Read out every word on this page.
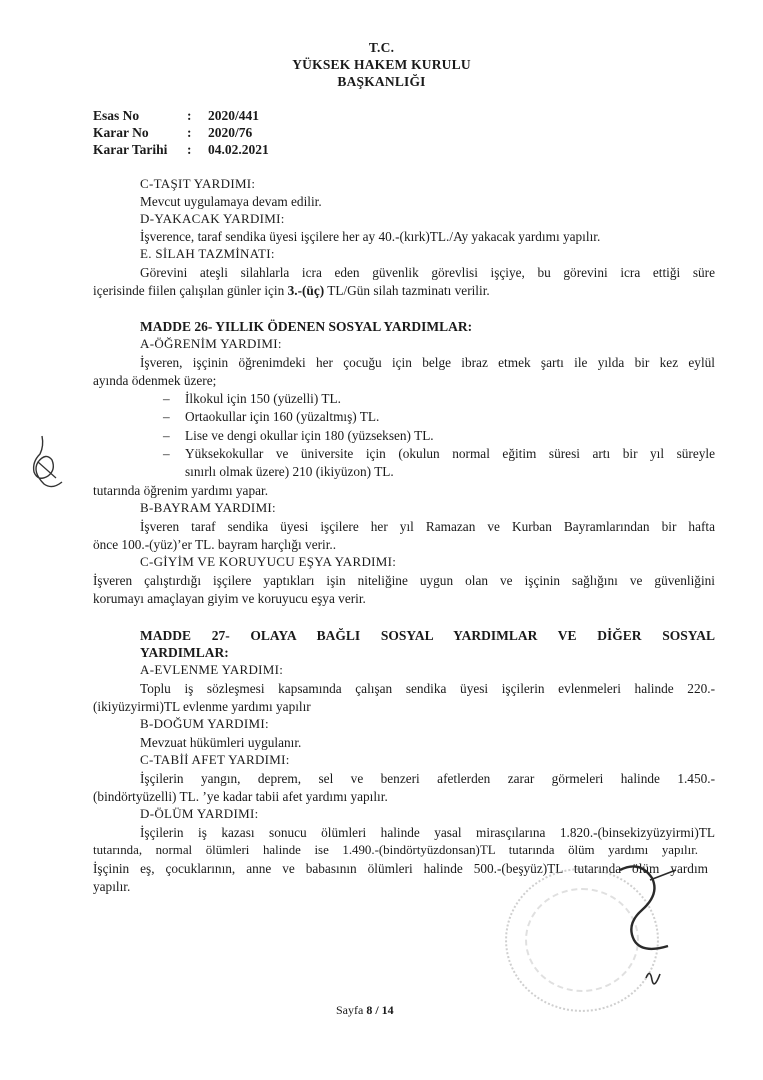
T.C.
YÜKSEK HAKEM KURULU
BAŞKANLIĞI
Esas No	: 2020/441
Karar No	: 2020/76
Karar Tarihi : 04.02.2021
C-TAŞIT YARDIMI:
Mevcut uygulamaya devam edilir.
D-YAKACAK YARDIMI:
İşverence, taraf sendika üyesi işçilere her ay 40.-(kırk)TL./Ay yakacak yardımı yapılır.
E. SİLAH TAZMİNATI:
Görevini ateşli silahlarla icra eden güvenlik görevlisi işçiye, bu görevini icra ettiği süre
içerisinde fiilen çalışılan günler için 3.-(üç) TL/Gün silah tazminatı verilir.
MADDE 26- YILLIK ÖDENEN SOSYAL YARDIMLAR:
A-ÖĞRENİM YARDIMI:
İşveren, işçinin öğrenimdeki her çocuğu için belge ibraz etmek şartı ile yılda bir kez eylül
ayında ödenmek üzere;
– İlkokul için 150 (yüzelli) TL.
– Ortaokullar için 160 (yüzaltmış) TL.
– Lise ve dengi okullar için 180 (yüzseksen) TL.
– Yüksekokullar ve üniversite için (okulun normal eğitim süresi artı bir yıl süreyle
sınırlı olmak üzere) 210 (ikiyüzon) TL.
tutarında öğrenim yardımı yapar.
B-BAYRAM YARDIMI:
İşveren taraf sendika üyesi işçilere her yıl Ramazan ve Kurban Bayramlarından bir hafta
önce 100.-(yüz)’er TL. bayram harçlığı verir..
C-GİYİM VE KORUYUCU EŞYA YARDIMI:
İşveren çalıştırdığı işçilere yaptıkları işin niteliğine uygun olan ve işçinin sağlığını ve güvenliğini
korumayı amaçlayan giyim ve koruyucu eşya verir.
MADDE 27- OLAYA BAĞLI SOSYAL YARDIMLAR VE DİĞER SOSYAL
YARDIMLAR:
A-EVLENME YARDIMI:
Toplu iş sözleşmesi kapsamında çalışan sendika üyesi işçilerin evlenmeleri halinde 220.-
(ikiyüzyirmi)TL evlenme yardımı yapılır
B-DOĞUM YARDIMI:
Mevzuat hükümleri uygulanır.
C-TABİİ AFET YARDIMI:
İşçilerin yangın, deprem, sel ve benzeri afetlerden zarar görmeleri halinde 1.450.-
(bindörtyüzelli) TL. ’ye kadar tabii afet yardımı yapılır.
D-ÖLÜM YARDIMI:
İşçilerin iş kazası sonucu ölümleri halinde yasal mirasçılarına 1.820.-(binsekizyüzyirmi)TL
tutarında, normal ölümleri halinde ise 1.490.-(bindörtyüzdonsan)TL tutarında ölüm yardımı yapılır.
İşçinin eş, çocuklarının, anne ve babasının ölümleri halinde 500.-(beşyüz)TL tutarında ölüm yardım
yapılır.
Sayfa 8 / 14
